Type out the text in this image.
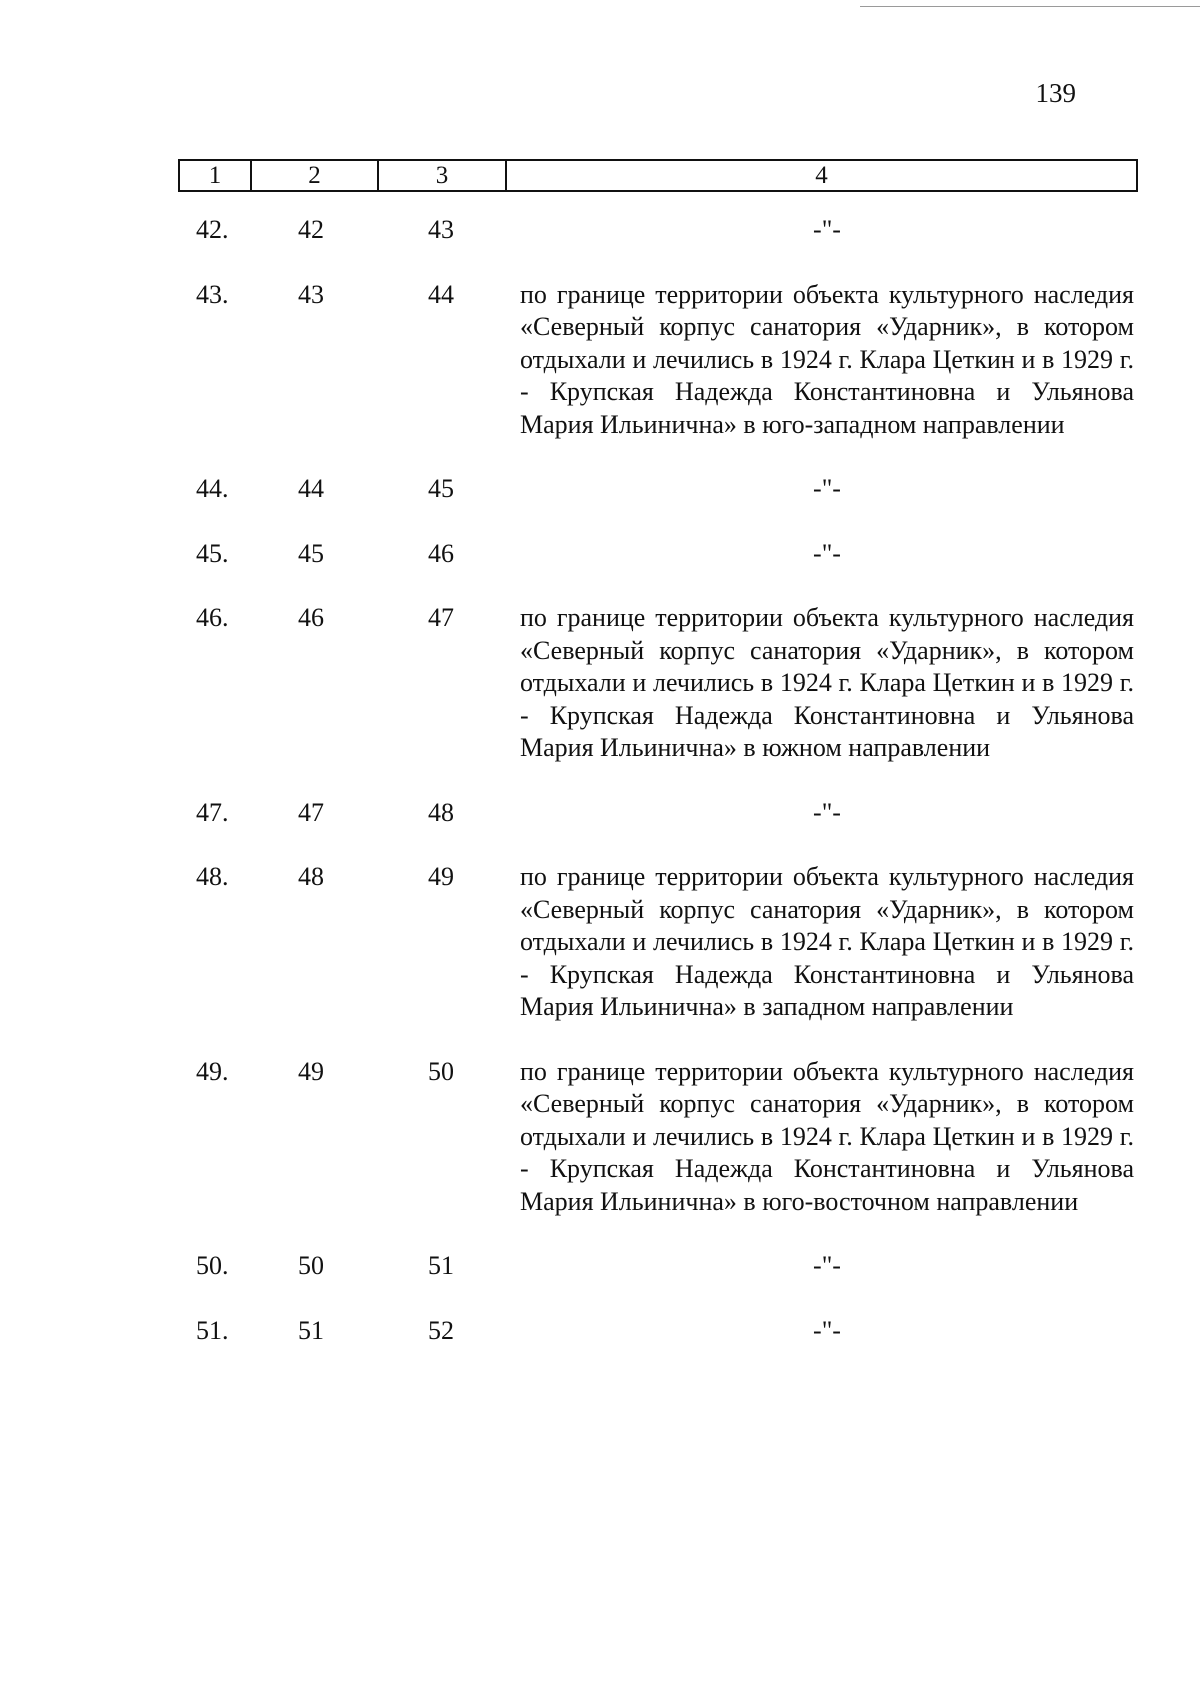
139
1	2	3	4
42.	42	43	-"-
43.	43	44	по границе территории объекта культурного наследия «Северный корпус санатория «Ударник», в котором отдыхали и лечились в 1924 г. Клара Цеткин и в 1929 г. - Крупская Надежда Константиновна и Ульянова Мария Ильинична» в юго-западном направлении
44.	44	45	-"-
45.	45	46	-"-
46.	46	47	по границе территории объекта культурного наследия «Северный корпус санатория «Ударник», в котором отдыхали и лечились в 1924 г. Клара Цеткин и в 1929 г. - Крупская Надежда Константиновна и Ульянова Мария Ильинична» в южном направлении
47.	47	48	-"-
48.	48	49	по границе территории объекта культурного наследия «Северный корпус санатория «Ударник», в котором отдыхали и лечились в 1924 г. Клара Цеткин и в 1929 г. - Крупская Надежда Константиновна и Ульянова Мария Ильинична» в западном направлении
49.	49	50	по границе территории объекта культурного наследия «Северный корпус санатория «Ударник», в котором отдыхали и лечились в 1924 г. Клара Цеткин и в 1929 г. - Крупская Надежда Константиновна и Ульянова Мария Ильинична» в юго-восточном направлении
50.	50	51	-"-
51.	51	52	-"-
